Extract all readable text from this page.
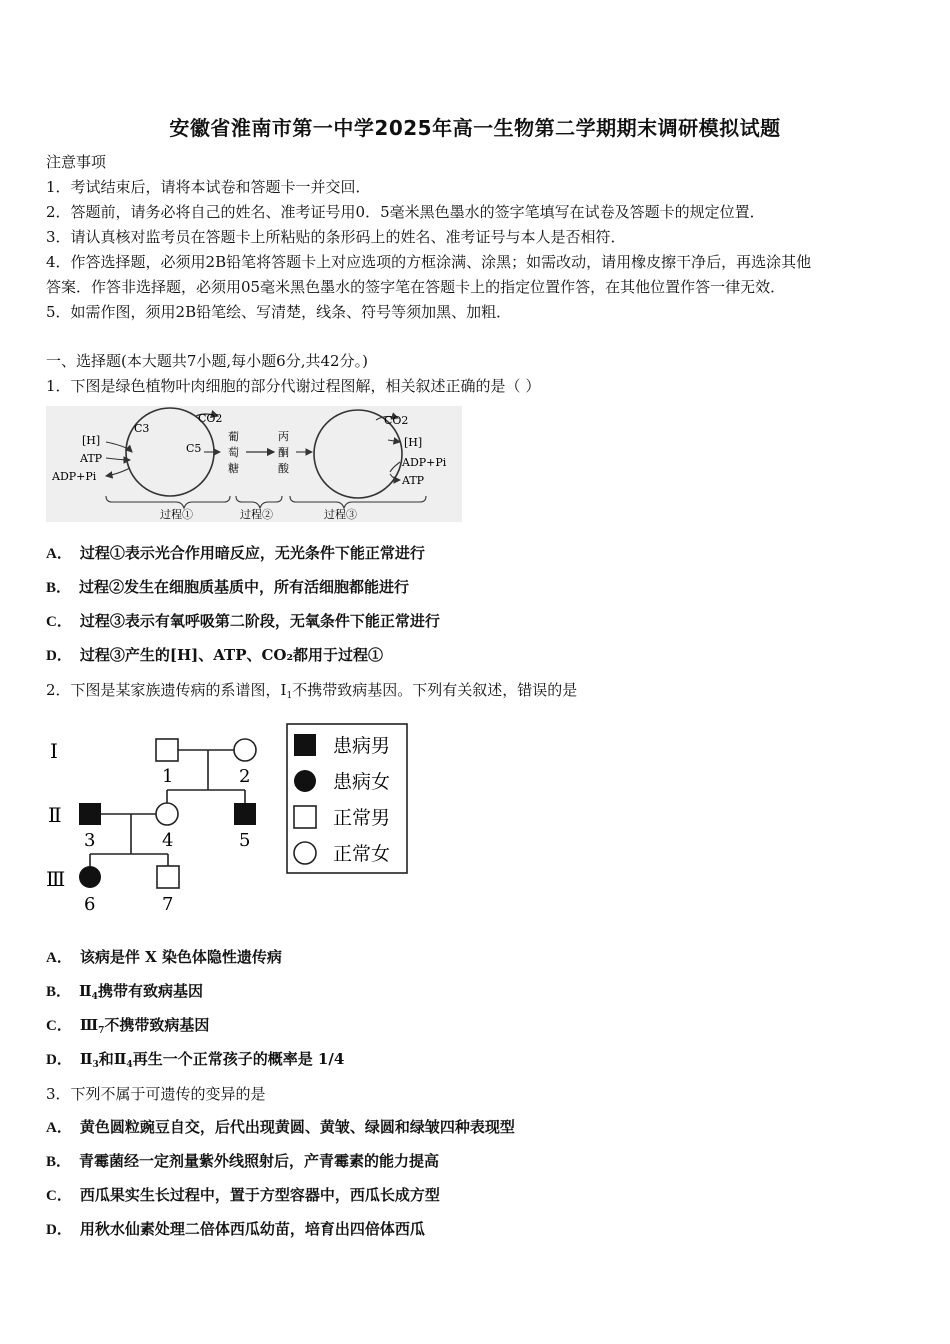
安徽省淮南市第一中学2025年高一生物第二学期期末调研模拟试题
注意事项
1．考试结束后，请将本试卷和答题卡一并交回．
2．答题前，请务必将自己的姓名、准考证号用0．5毫米黑色墨水的签字笔填写在试卷及答题卡的规定位置．
3．请认真核对监考员在答题卡上所粘贴的条形码上的姓名、准考证号与本人是否相符．
4．作答选择题，必须用2B铅笔将答题卡上对应选项的方框涂满、涂黑；如需改动，请用橡皮擦干净后，再选涂其他
答案．作答非选择题，必须用05毫米黑色墨水的签字笔在答题卡上的指定位置作答，在其他位置作答一律无效．
5．如需作图，须用2B铅笔绘、写清楚，线条、符号等须加黑、加粗．
一、选择题(本大题共7小题,每小题6分,共42分。)
1．下图是绿色植物叶肉细胞的部分代谢过程图解，相关叙述正确的是（ ）
CO2
C3
C5
[H]
ATP
ADP+Pi
葡
萄
糖
丙
酮
酸
CO2
[H]
ADP+Pi
ATP
过程①	过程②	过程③
A． 过程①表示光合作用暗反应，无光条件下能正常进行
B． 过程②发生在细胞质基质中，所有活细胞都能进行
C． 过程③表示有氧呼吸第二阶段，无氧条件下能正常进行
D． 过程③产生的[H]、ATP、CO₂都用于过程①
2．下图是某家族遗传病的系谱图，$Ⅰ_1$不携带致病基因。下列有关叙述，错误的是
Ⅰ
Ⅱ
Ⅲ
1	2
3	4	5
6	7
患病男
患病女
正常男
正常女
A． 该病是伴 X 染色体隐性遗传病
B． $Ⅱ_4$携带有致病基因
C． $Ⅲ_7$不携带致病基因
D． $Ⅱ_3$和$Ⅱ_4$再生一个正常孩子的概率是 1/4
3．下列不属于可遗传的变异的是
A． 黄色圆粒豌豆自交，后代出现黄圆、黄皱、绿圆和绿皱四种表现型
B． 青霉菌经一定剂量紫外线照射后，产青霉素的能力提高
C． 西瓜果实生长过程中，置于方型容器中，西瓜长成方型
D． 用秋水仙素处理二倍体西瓜幼苗，培育出四倍体西瓜
